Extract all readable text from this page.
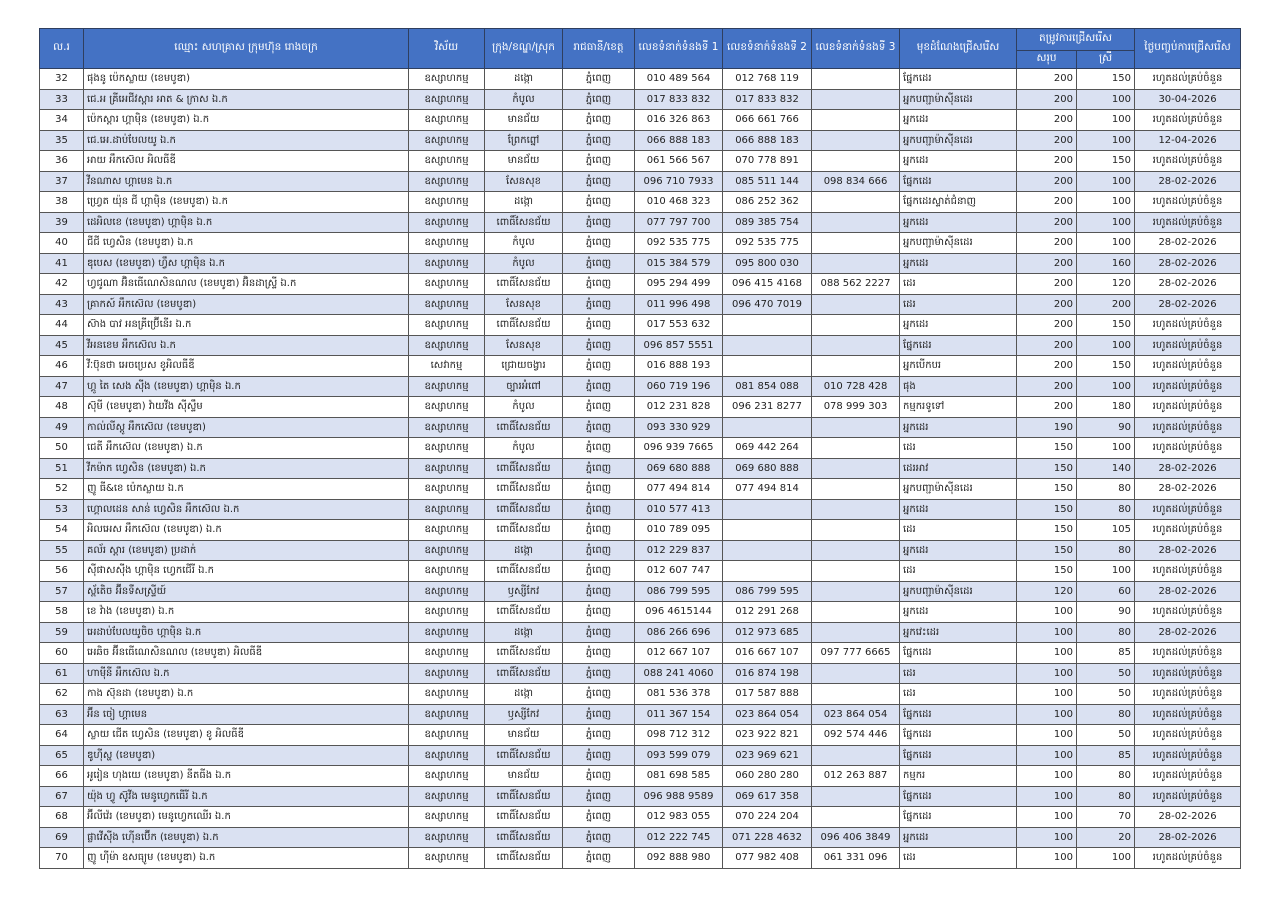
ល.រ	ឈ្មោះ សហគ្រាស ក្រុមហ៊ុន រោងចក្រ	វិស័យ	ក្រុង/ខណ្ឌ/ស្រុក	រាជធានី/ខេត្ត	លេខទំនាក់ទំនងទី 1	លេខទំនាក់ទំនងទី 2	លេខទំនាក់ទំនងទី 3	មុខដំណែងជ្រើសរើស	តម្រូវការជ្រើសរើស		ថ្ងៃបញ្ចប់ការជ្រើសរើស
									សរុប	ស្រី	
32	ផុងនូ ប៉េកស្លាយ (ខេមបូឌា)	ឧស្សាហកម្ម	ដង្កោ	ភ្នំពេញ	010 489 564	012 768 119		ផ្នែកដេរ	200	150	រហូតដល់គ្រប់ចំនួន
33	ជេ.អ គ្រីអេជីវស្តារ អាត & ក្រាស ឯ.ក	ឧស្សាហកម្ម	កំបូល	ភ្នំពេញ	017 833 832	017 833 832		អ្នកបញ្ជាម៉ាស៊ីនដេរ	200	100	30-04-2026
34	ប៉េកស្តារ ហ្គាម៉ិន (ខេមបូឌា) ឯ.ក	ឧស្សាហកម្ម	មានជ័យ	ភ្នំពេញ	016 326 863	066 661 766		អ្នកដេរ	200	100	រហូតដល់គ្រប់ចំនួន
35	ជេ.អេ.ដាប់បែលយូ ឯ.ក	ឧស្សាហកម្ម	ព្រែកព្នៅ	ភ្នំពេញ	066 888 183	066 888 183		អ្នកបញ្ជាម៉ាស៊ីនដេរ	200	100	12-04-2026
36	អាយ អឹកស៊េល អិលធីឌី	ឧស្សាហកម្ម	មានជ័យ	ភ្នំពេញ	061 566 567	070 778 891		អ្នកដេរ	200	150	រហូតដល់គ្រប់ចំនួន
37	វីនណាស ហ្គាមេន ឯ.ក	ឧស្សាហកម្ម	សែនសុខ	ភ្នំពេញ	096 710 7933	085 511 144	098 834 666	ផ្នែកដេរ	200	100	28-02-2026
38	ហ្វ្រេត យ៉ុន ជី ហ្គាម៉ិន (ខេមបូឌា) ឯ.ក	ឧស្សាហកម្ម	ដង្កោ	ភ្នំពេញ	010 468 323	086 252 362		ផ្នែកដេរស្ទាត់ជំនាញ	200	100	រហូតដល់គ្រប់ចំនួន
39	ដេអិលខេ (ខេមបូឌា) ហ្គាម៉ិន ឯ.ក	ឧស្សាហកម្ម	ពោធិ៍សែនជ័យ	ភ្នំពេញ	077 797 700	089 385 754		អ្នកដេរ	200	100	រហូតដល់គ្រប់ចំនួន
40	ជីជី ហ្វេសិន (ខេមបូឌា) ឯ.ក	ឧស្សាហកម្ម	កំបូល	ភ្នំពេញ	092 535 775	092 535 775		អ្នកបញ្ជាម៉ាស៊ីនដេរ	200	100	28-02-2026
41	ឌុបេស (ខេមបូឌា) ហ្វឹស ហ្គាម៉ិន ឯ.ក	ឧស្សាហកម្ម	កំបូល	ភ្នំពេញ	015 384 579	095 800 030		អ្នកដេរ	200	160	28-02-2026
42	ហ្វជូណា អ៊ិនធើណេសិនណល (ខេមបូឌា) អ៊ិនដាស្ទ្រី ឯ.ក	ឧស្សាហកម្ម	ពោធិ៍សែនជ័យ	ភ្នំពេញ	095 294 499	096 415 4168	088 562 2227	ដេរ	200	120	28-02-2026
43	គ្រាកស៍ អឹកស៊េល (ខេមបូឌា)	ឧស្សាហកម្ម	សែនសុខ	ភ្នំពេញ	011 996 498	096 470 7019		ដេរ	200	200	28-02-2026
44	ស៊ាង បាវ អនគ្រីប្រ៊ើនើរ ឯ.ក	ឧស្សាហកម្ម	ពោធិ៍សែនជ័យ	ភ្នំពេញ	017 553 632			អ្នកដេរ	200	150	រហូតដល់គ្រប់ចំនួន
45	វីអនខេម អឹកស៊េល ឯ.ក	ឧស្សាហកម្ម	សែនសុខ	ភ្នំពេញ	096 857 5551			ផ្នែកដេរ	200	100	រហូតដល់គ្រប់ចំនួន
46	វីៈប៊ុនថា អេចប្រេស ខូអិលធីឌី	សេវាកម្ម	ជ្រោយចង្វារ	ភ្នំពេញ	016 888 193			អ្នកបើកបរ	200	150	រហូតដល់គ្រប់ចំនួន
47	ហ្គូ តៃ សេង ស៊ីង (ខេមបូឌា) ហ្គាម៉ិន ឯ.ក	ឧស្សាហកម្ម	ច្បារអំពៅ	ភ្នំពេញ	060 719 196	081 854 088	010 728 428	ផុង	200	100	រហូតដល់គ្រប់ចំនួន
48	ស៊ុមី (ខេមបូឌា) វ៉ាយវីង ស៊ីស្ទឹម	ឧស្សាហកម្ម	កំបូល	ភ្នំពេញ	012 231 828	096 231 8277	078 999 303	កម្មករទូទៅ	200	180	រហូតដល់គ្រប់ចំនួន
49	កាល់លីស្តូ អឹកស៊េល (ខេមបូឌា)	ឧស្សាហកម្ម	ពោធិ៍សែនជ័យ	ភ្នំពេញ	093 330 929			អ្នកដេរ	190	90	រហូតដល់គ្រប់ចំនួន
50	ជេតី អឹកស៊េល (ខេមបូឌា) ឯ.ក	ឧស្សាហកម្ម	កំបូល	ភ្នំពេញ	096 939 7665	069 442 264		ដេរ	150	100	រហូតដល់គ្រប់ចំនួន
51	វីកម៉ាក ហ្វេសិន (ខេមបូឌា) ឯ.ក	ឧស្សាហកម្ម	ពោធិ៍សែនជ័យ	ភ្នំពេញ	069 680 888	069 680 888		ដេរអាវ	150	140	28-02-2026
52	ញូ ធី&ខេ ប៉េកស្លាយ ឯ.ក	ឧស្សាហកម្ម	ពោធិ៍សែនជ័យ	ភ្នំពេញ	077 494 814	077 494 814		អ្នកបញ្ជាម៉ាស៊ីនដេរ	150	80	28-02-2026
53	ហ្គោលដេន សាន់ ហ្វេសិន អឹកស៊េល ឯ.ក	ឧស្សាហកម្ម	ពោធិ៍សែនជ័យ	ភ្នំពេញ	010 577 413			អ្នកដេរ	150	80	រហូតដល់គ្រប់ចំនួន
54	អិលអេស អឹកស៊េល (ខេមបូឌា) ឯ.ក	ឧស្សាហកម្ម	ពោធិ៍សែនជ័យ	ភ្នំពេញ	010 789 095			ដេរ	150	105	រហូតដល់គ្រប់ចំនួន
55	គល័រ ស្តារ (ខេមបូឌា) ប្រដាក់	ឧស្សាហកម្ម	ដង្កោ	ភ្នំពេញ	012 229 837			អ្នកដេរ	150	80	28-02-2026
56	ស៊ីផាសស៊ីង ហ្គាម៉ិន ហ្វេកជើរី ឯ.ក	ឧស្សាហកម្ម	ពោធិ៍សែនជ័យ	ភ្នំពេញ	012 607 747			ដេរ	150	100	រហូតដល់គ្រប់ចំនួន
57	ស្ព័តេិច អ៊ីនទឺសស្ទ្រីយ៍	ឧស្សាហកម្ម	ឫស្សីកែវ	ភ្នំពេញ	086 799 595	086 799 595		អ្នកបញ្ជាម៉ាស៊ីនដេរ	120	60	28-02-2026
58	ខេ វ៉ាង (ខេមបូឌា) ឯ.ក	ឧស្សាហកម្ម	ពោធិ៍សែនជ័យ	ភ្នំពេញ	096 4615144	012 291 268		អ្នកដេរ	100	90	រហូតដល់គ្រប់ចំនួន
59	អេដាប់បែលយូចិច ហ្គាម៉ិន ឯ.ក	ឧស្សាហកម្ម	ដង្កោ	ភ្នំពេញ	086 266 696	012 973 685		អ្នកវេះដេរ	100	80	28-02-2026
60	អេឆិច អ៊ីនធើណេសិនណល (ខេមបូឌា) អិលធីឌី	ឧស្សាហកម្ម	ពោធិ៍សែនជ័យ	ភ្នំពេញ	012 667 107	016 667 107	097 777 6665	ផ្នែកដេរ	100	85	រហូតដល់គ្រប់ចំនួន
61	ហាមុីនី អឹកស៊េល ឯ.ក	ឧស្សាហកម្ម	ពោធិ៍សែនជ័យ	ភ្នំពេញ	088 241 4060	016 874 198		ដេរ	100	50	រហូតដល់គ្រប់ចំនួន
62	កាង ស៊ុនដា (ខេមបូឌា) ឯ.ក	ឧស្សាហកម្ម	ដង្កោ	ភ្នំពេញ	081 536 378	017 587 888		ដេរ	100	50	រហូតដល់គ្រប់ចំនួន
63	អ៊ីន ចៀ ហ្គាមេន	ឧស្សាហកម្ម	ឫស្សីកែវ	ភ្នំពេញ	011 367 154	023 864 054	023 864 054	ផ្នែកដេរ	100	80	រហូតដល់គ្រប់ចំនួន
64	ស្លាយ ជើត ហ្វេសិន (ខេមបូឌា) ខូ អិលធីឌី	ឧស្សាហកម្ម	មានជ័យ	ភ្នំពេញ	098 712 312	023 922 821	092 574 446	ផ្នែកដេរ	100	50	រហូតដល់គ្រប់ចំនួន
65	ឌូហ៊ីស្ហ (ខេមបូឌា)	ឧស្សាហកម្ម	ពោធិ៍សែនជ័យ	ភ្នំពេញ	093 599 079	023 969 621		ផ្នែកដេរ	100	85	រហូតដល់គ្រប់ចំនួន
66	អូរៀន ហុងយេ (ខេមបូឌា) នីតធីង ឯ.ក	ឧស្សាហកម្ម	មានជ័យ	ភ្នំពេញ	081 698 585	060 280 280	012 263 887	កម្មករ	100	80	រហូតដល់គ្រប់ចំនួន
67	យ៉ុង ហ្វូ ស៊ូវីង មេនូហ្វេកធើរី ឯ.ក	ឧស្សាហកម្ម	ពោធិ៍សែនជ័យ	ភ្នំពេញ	096 988 9589	069 617 358		ផ្នែកដេរ	100	80	រហូតដល់គ្រប់ចំនួន
68	អ៊ីលីវ៉េរ (ខេមបូឌា) មេនូហ្វេកឈើរ ឯ.ក	ឧស្សាហកម្ម	ពោធិ៍សែនជ័យ	ភ្នំពេញ	012 983 055	070 224 204		ផ្នែកដេរ	100	70	28-02-2026
69	ផ្លាវើស៊ីង ហ៊ើនប៊ើក (ខេមបូឌា) ឯ.ក	ឧស្សាហកម្ម	ពោធិ៍សែនជ័យ	ភ្នំពេញ	012 222 745	071 228 4632	096 406 3849	អ្នកដេរ	100	20	28-02-2026
70	ញូ ហ៊ីម៉ា ឧសធ្យូម (ខេមបូឌា) ឯ.ក	ឧស្សាហកម្ម	ពោធិ៍សែនជ័យ	ភ្នំពេញ	092 888 980	077 982 408	061 331 096	ដេរ	100	100	រហូតដល់គ្រប់ចំនួន
